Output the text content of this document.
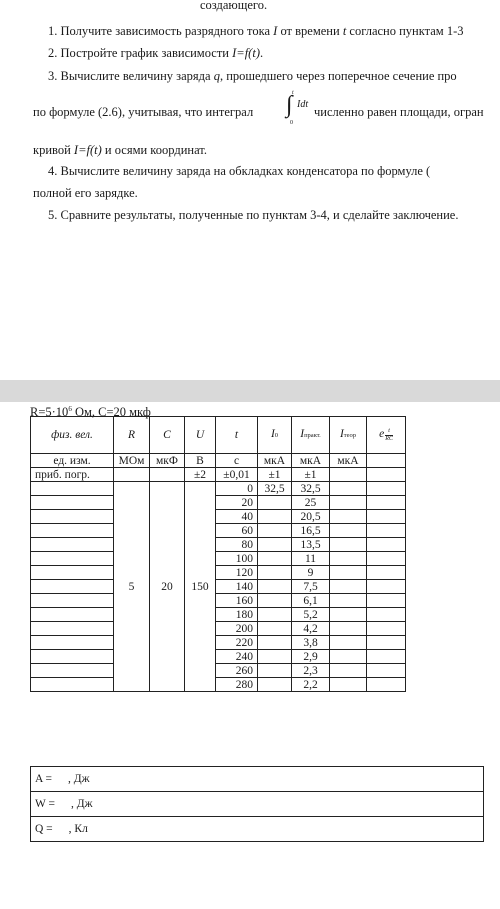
создающего.
1. Получите зависимость разрядного тока I от времени t согласно пунктам 1-3
2. Постройте график зависимости I=f(t).
3. Вычислите величину заряда q, прошедшего через поперечное сечение про
по формуле (2.6), учитывая, что интеграл ∫ t
0
Idt
численно равен площади, огран
кривой I=f(t) и осями координат.
4. Вычислите величину заряда на обкладках конденсатора по формуле (
полной его зарядке.
5. Сравните результаты, полученные по пунктам 3-4, и сделайте заключение.
$R=5\cdot 10^6$ Ом, С=20 мкф
физ. вел.	R	C	U	t	I0	Iпракт.	Iтеор	e $\frac{t}{RC}$

ед. изм.	МОм	мкФ	В	с	мкА	мкА	мкА	
приб. погр.			±2	±0,01	±1	±1		
	5	20	150	0	32,5	32,5		
				20		25		
				40		20,5		
				60		16,5		
				80		13,5		
				100		11		
				120		9		
				140		7,5		
				160		6,1		
				180		5,2		
				200		4,2		
				220		3,8		
				240		2,9		
				260		2,3		
				280		2,2		
A = , Дж
W = , Дж
Q = , Кл
